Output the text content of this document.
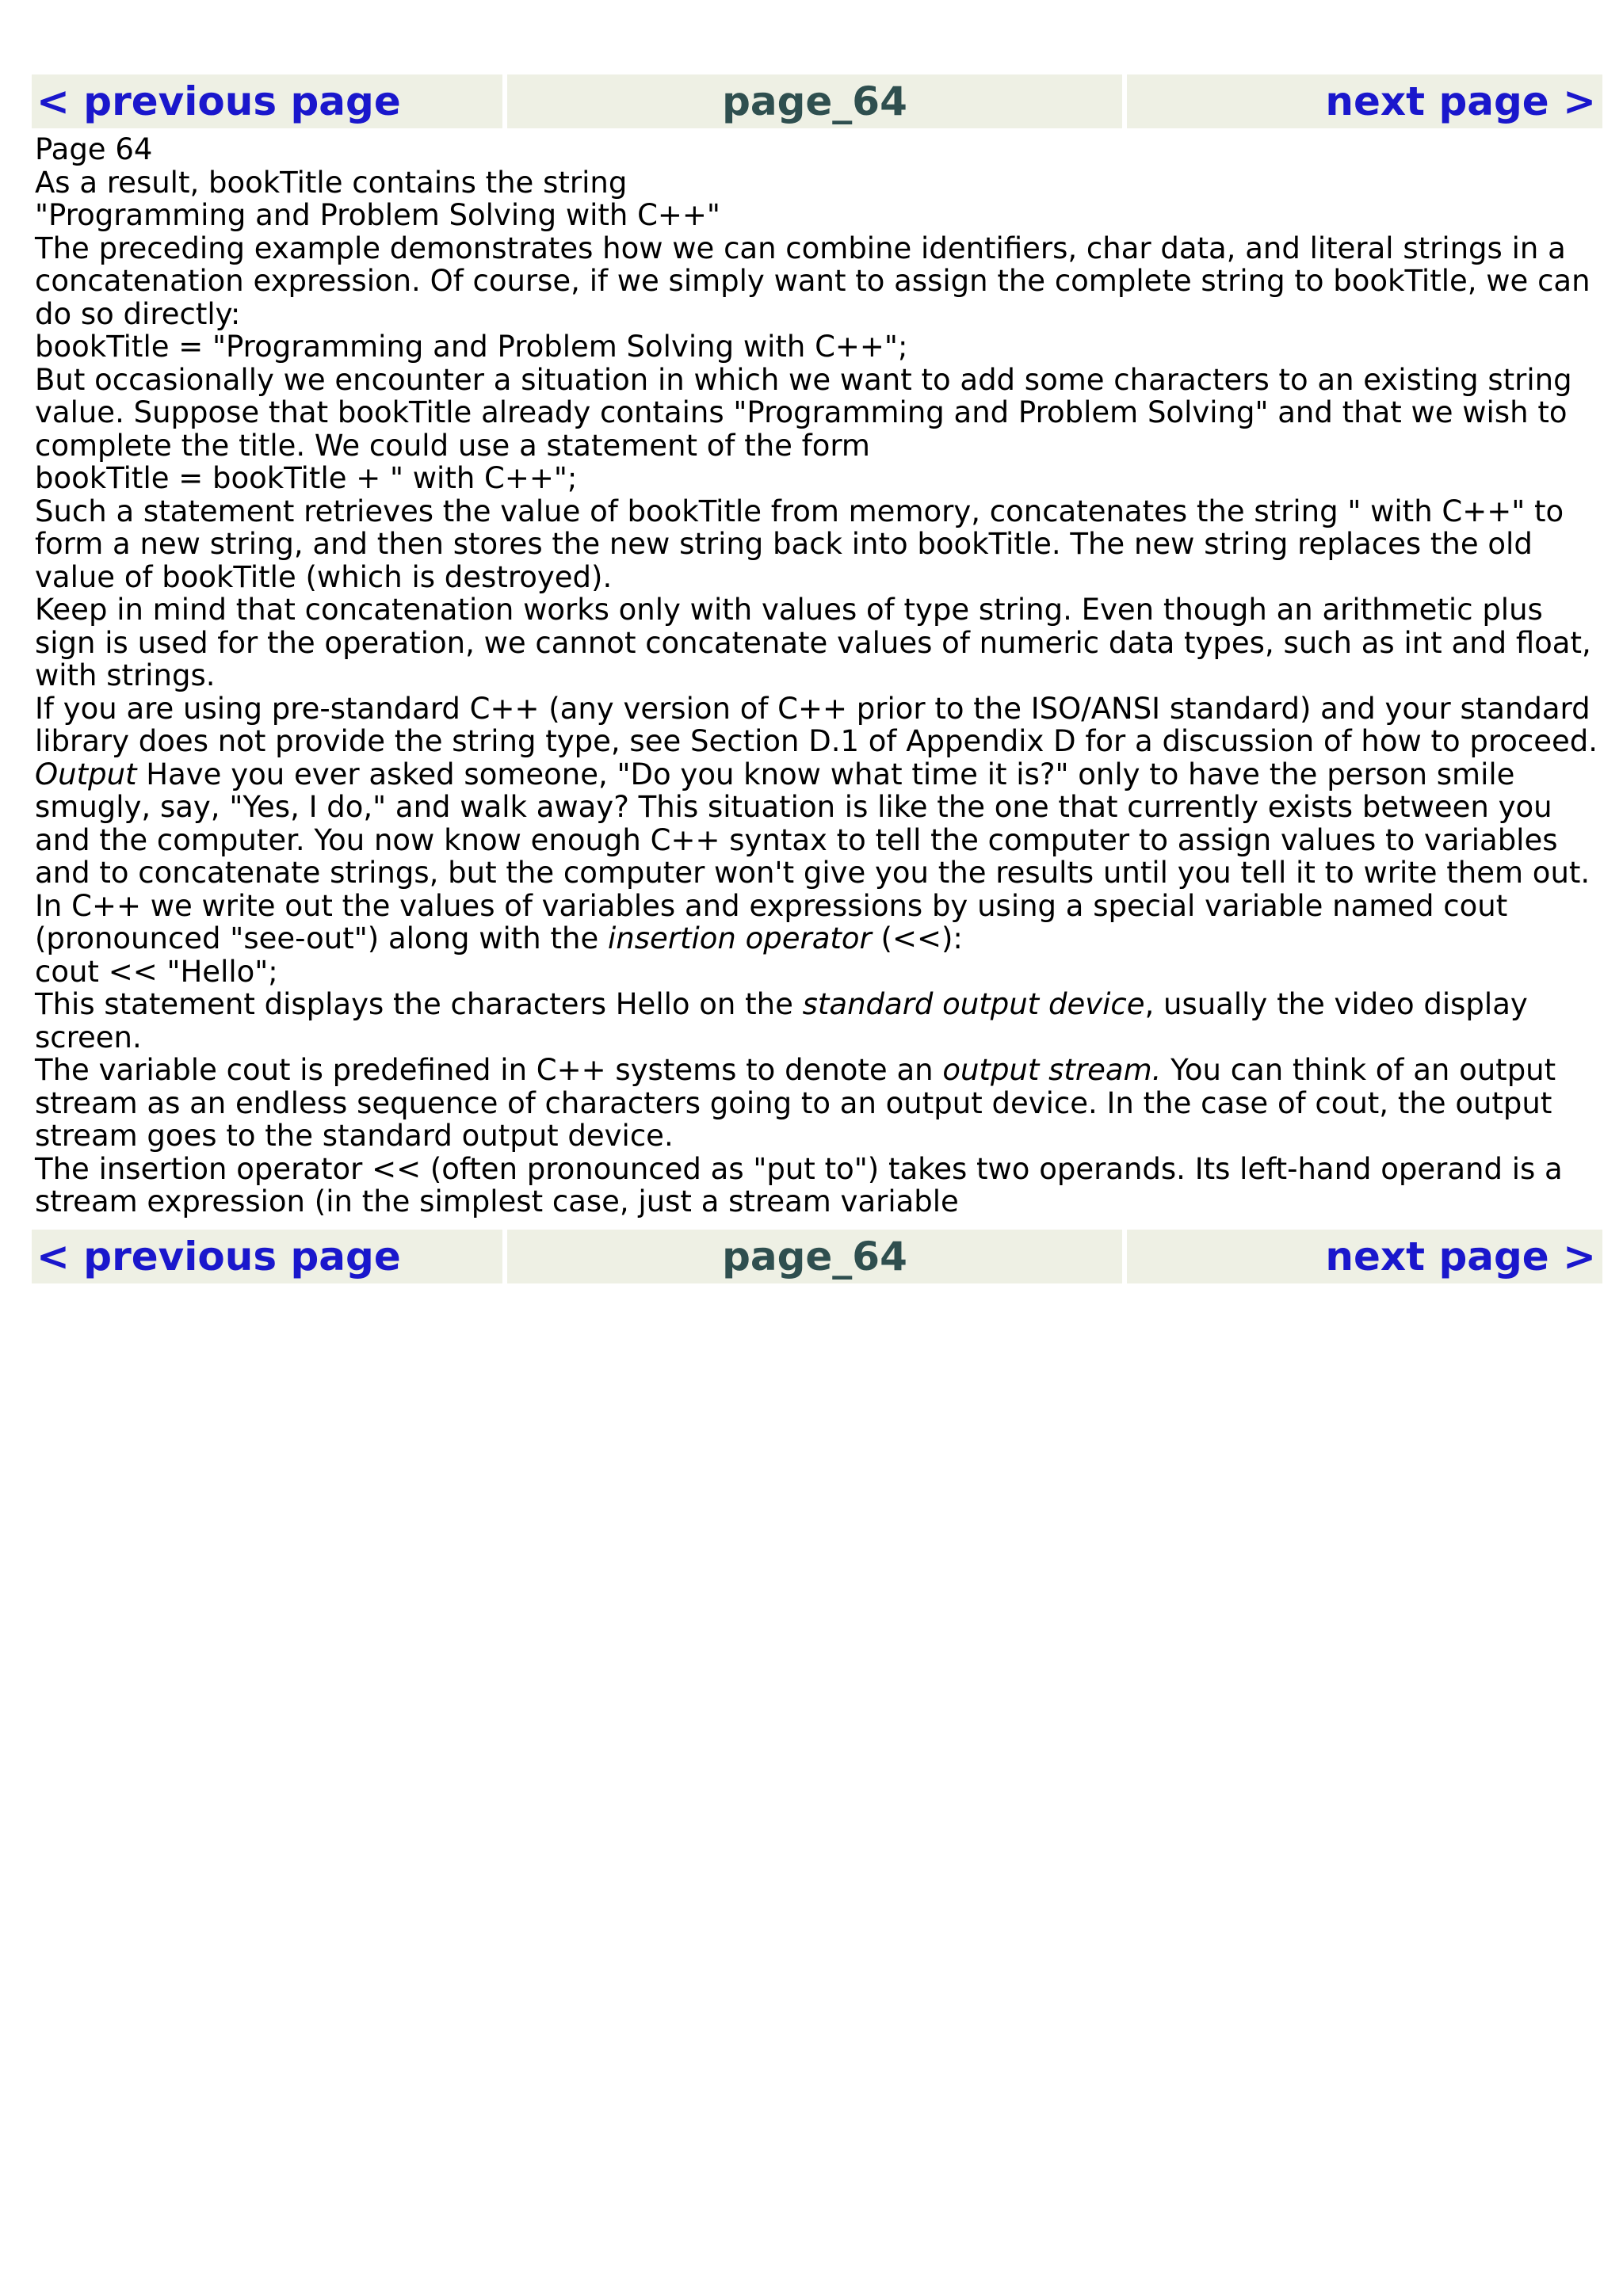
< previous page	page_64	next page >

Page 64

As a result, bookTitle contains the string

"Programming and Problem Solving with C++"

The preceding example demonstrates how we can combine identifiers, char data, and literal strings in a concatenation expression. Of course, if we simply want to assign the complete string to bookTitle, we can do so directly:

bookTitle = "Programming and Problem Solving with C++";

But occasionally we encounter a situation in which we want to add some characters to an existing string value. Suppose that bookTitle already contains "Programming and Problem Solving" and that we wish to complete the title. We could use a statement of the form

bookTitle = bookTitle + " with C++";

Such a statement retrieves the value of bookTitle from memory, concatenates the string " with C++" to form a new string, and then stores the new string back into bookTitle. The new string replaces the old value of bookTitle (which is destroyed).

Keep in mind that concatenation works only with values of type string. Even though an arithmetic plus sign is used for the operation, we cannot concatenate values of numeric data types, such as int and float, with strings.

If you are using pre-standard C++ (any version of C++ prior to the ISO/ANSI standard) and your standard library does not provide the string type, see Section D.1 of Appendix D for a discussion of how to proceed.

Output Have you ever asked someone, "Do you know what time it is?" only to have the person smile smugly, say, "Yes, I do," and walk away? This situation is like the one that currently exists between you and the computer. You now know enough C++ syntax to tell the computer to assign values to variables and to concatenate strings, but the computer won't give you the results until you tell it to write them out.

In C++ we write out the values of variables and expressions by using a special variable named cout (pronounced "see-out") along with the insertion operator (<<):

cout << "Hello";

This statement displays the characters Hello on the standard output device, usually the video display screen.

The variable cout is predefined in C++ systems to denote an output stream. You can think of an output stream as an endless sequence of characters going to an output device. In the case of cout, the output stream goes to the standard output device.

The insertion operator << (often pronounced as "put to") takes two operands. Its left-hand operand is a stream expression (in the simplest case, just a stream variable

< previous page	page_64	next page >
